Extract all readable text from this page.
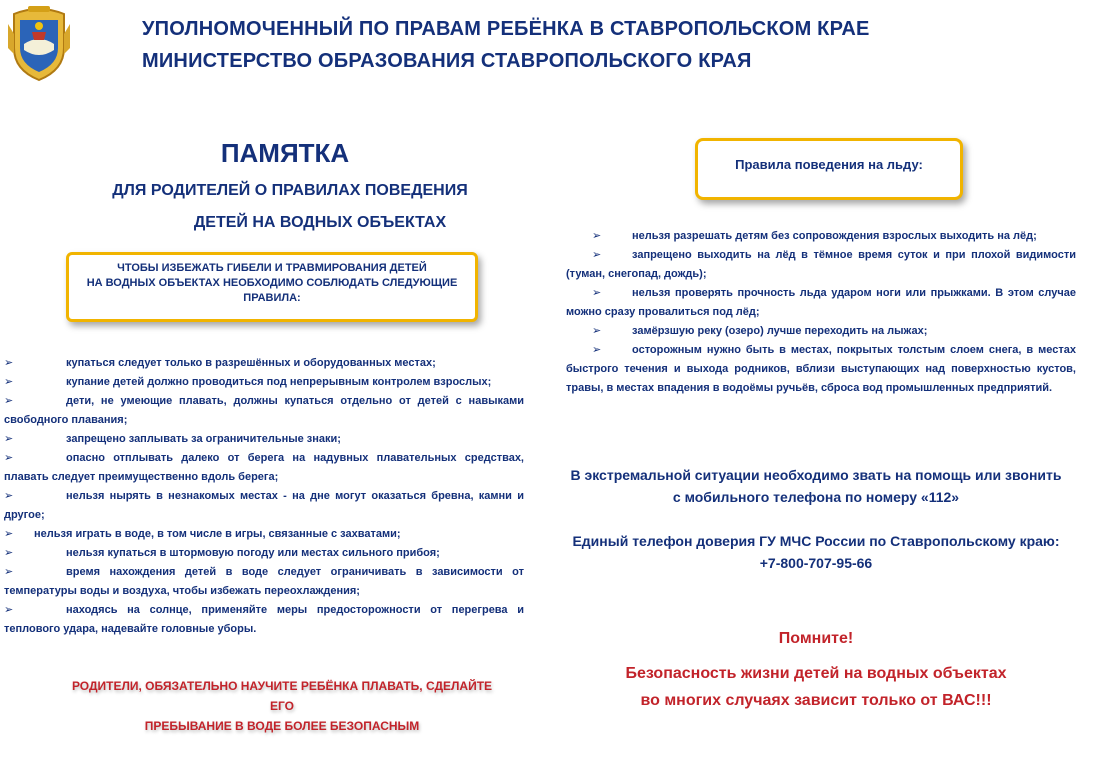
УПОЛНОМОЧЕННЫЙ ПО ПРАВАМ РЕБЁНКА В СТАВРОПОЛЬСКОМ КРАЕ
МИНИСТЕРСТВО ОБРАЗОВАНИЯ СТАВРОПОЛЬСКОГО КРАЯ
ПАМЯТКА
ДЛЯ РОДИТЕЛЕЙ О ПРАВИЛАХ ПОВЕДЕНИЯ
ДЕТЕЙ НА ВОДНЫХ ОБЪЕКТАХ
ЧТОБЫ ИЗБЕЖАТЬ ГИБЕЛИ И ТРАВМИРОВАНИЯ ДЕТЕЙ
НА ВОДНЫХ ОБЪЕКТАХ НЕОБХОДИМО СОБЛЮДАТЬ СЛЕДУЮЩИЕ
ПРАВИЛА:
➢	купаться следует только в разрешённых и оборудованных местах;
➢	купание детей должно проводиться под непрерывным контролем взрослых;
➢	дети, не умеющие плавать, должны купаться отдельно от детей с навыками свободного плавания;
➢	запрещено заплывать за ограничительные знаки;
➢	опасно отплывать далеко от берега на надувных плавательных средствах, плавать следует преимущественно вдоль берега;
➢	нельзя нырять в незнакомых местах - на дне могут оказаться бревна, камни и другое;
➢ нельзя играть в воде, в том числе в игры, связанные с захватами;
➢	нельзя купаться в штормовую погоду или местах сильного прибоя;
➢	время нахождения детей в воде следует ограничивать в зависимости от температуры воды и воздуха, чтобы избежать переохлаждения;
➢	находясь на солнце, применяйте меры предосторожности от перегрева и теплового удара, надевайте головные уборы.
РОДИТЕЛИ, ОБЯЗАТЕЛЬНО НАУЧИТЕ РЕБЁНКА ПЛАВАТЬ, СДЕЛАЙТЕ ЕГО
ПРЕБЫВАНИЕ В ВОДЕ БОЛЕЕ БЕЗОПАСНЫМ
Правила поведения на льду:
➢	нельзя разрешать детям без сопровождения взрослых выходить на лёд;
➢	запрещено выходить на лёд в тёмное время суток и при плохой видимости (туман, снегопад, дождь);
➢	нельзя проверять прочность льда ударом ноги или прыжками. В этом случае можно сразу провалиться под лёд;
➢	замёрзшую реку (озеро) лучше переходить на лыжах;
➢	осторожным нужно быть в местах, покрытых толстым слоем снега, в местах быстрого течения и выхода родников, вблизи выступающих над поверхностью кустов, травы, в местах впадения в водоёмы ручьёв, сброса вод промышленных предприятий.
В экстремальной ситуации необходимо звать на помощь или звонить
с мобильного телефона по номеру «112»
Единый телефон доверия ГУ МЧС России по Ставропольскому краю:
+7-800-707-95-66
Помните!
Безопасность жизни детей на водных объектах
во многих случаях зависит только от ВАС!!!
